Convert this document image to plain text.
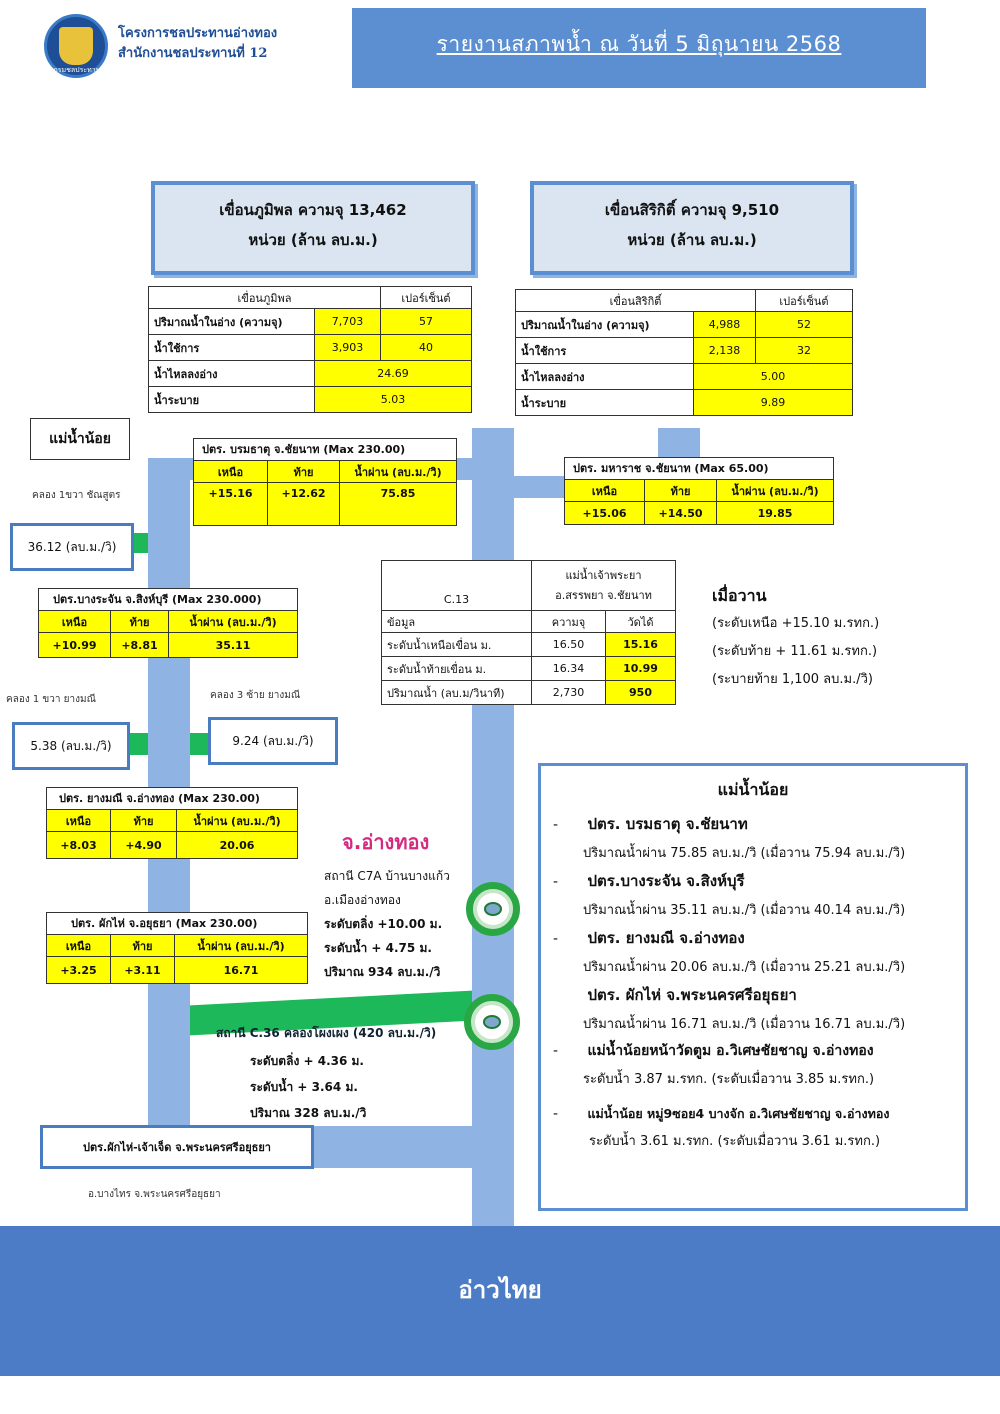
กรมชลประทาน
โครงการชลประทานอ่างทอง
สำนักงานชลประทานที่ 12	รายงานสภาพน้ำ ณ วันที่ 5 มิถุนายน 2568
เขื่อนภูมิพล ความจุ 13,462
หน่วย (ล้าน ลบ.ม.)
เขื่อนสิริกิติ์ ความจุ 9,510
หน่วย (ล้าน ลบ.ม.)
เขื่อนภูมิพล		เปอร์เซ็นต์
ปริมาณน้ำในอ่าง (ความจุ)	7,703	57
น้ำใช้การ	3,903	40
น้ำไหลลงอ่าง	24.69	
น้ำระบาย	5.03	
เขื่อนสิริกิติ์		เปอร์เซ็นต์
ปริมาณน้ำในอ่าง (ความจุ)	4,988	52
น้ำใช้การ	2,138	32
น้ำไหลลงอ่าง	5.00	
น้ำระบาย	9.89	
แม่น้ำน้อย
คลอง 1ขวา ชัณสูตร
36.12 (ลบ.ม./วิ)
คลอง 1 ขวา ยางมณี	คลอง 3 ซ้าย ยางมณี
5.38 (ลบ.ม./วิ)	9.24 (ลบ.ม./วิ)
ปตร. บรมธาตุ จ.ชัยนาท (Max 230.00)
เหนือ	ท้าย	น้ำผ่าน (ลบ.ม./วิ)
+15.16	+12.62	75.85
ปตร. มหาราช จ.ชัยนาท (Max 65.00)
เหนือ	ท้าย	น้ำผ่าน (ลบ.ม./วิ)
+15.06	+14.50	19.85
ปตร.บางระจัน จ.สิงห์บุรี (Max 230.000)
เหนือ	ท้าย	น้ำผ่าน (ลบ.ม./วิ)
+10.99	+8.81	35.11
ปตร. ยางมณี จ.อ่างทอง (Max 230.00)
เหนือ	ท้าย	น้ำผ่าน (ลบ.ม./วิ)
+8.03	+4.90	20.06
ปตร. ผักไห่ จ.อยุธยา (Max 230.00)
เหนือ	ท้าย	น้ำผ่าน (ลบ.ม./วิ)
+3.25	+3.11	16.71
C.13	แม่น้ำเจ้าพระยา
อ.สรรพยา จ.ชัยนาท	

ข้อมูล	ความจุ	วัดได้
ระดับน้ำเหนือเขื่อน ม.	16.50	15.16
ระดับน้ำท้ายเขื่อน ม.	16.34	10.99
ปริมาณน้ำ (ลบ.ม/วินาที)	2,730	950
เมื่อวาน
(ระดับเหนือ +15.10 ม.รทก.)
(ระดับท้าย + 11.61 ม.รทก.)
(ระบายท้าย 1,100 ลบ.ม./วิ)
จ.อ่างทอง
สถานี C7A บ้านบางแก้ว
อ.เมืองอ่างทอง
ระดับตลิ่ง +10.00 ม.
ระดับน้ำ + 4.75 ม.
ปริมาณ 934 ลบ.ม./วิ
สถานี C.36 คลองโผงเผง (420 ลบ.ม./วิ)
ระดับตลิ่ง + 4.36 ม.
ระดับน้ำ + 3.64 ม.
ปริมาณ 328 ลบ.ม./วิ
ปตร.ผักไห่-เจ้าเจ็ด จ.พระนครศรีอยุธยา
อ.บางไทร จ.พระนครศรีอยุธยา
แม่น้ำน้อย
- ปตร. บรมธาตุ จ.ชัยนาท
ปริมาณน้ำผ่าน 75.85 ลบ.ม./วิ (เมื่อวาน 75.94 ลบ.ม./วิ)
- ปตร.บางระจัน จ.สิงห์บุรี
ปริมาณน้ำผ่าน 35.11 ลบ.ม./วิ (เมื่อวาน 40.14 ลบ.ม./วิ)
- ปตร. ยางมณี จ.อ่างทอง
ปริมาณน้ำผ่าน 20.06 ลบ.ม./วิ (เมื่อวาน 25.21 ลบ.ม./วิ)
ปตร. ผักไห่ จ.พระนครศรีอยุธยา
ปริมาณน้ำผ่าน 16.71 ลบ.ม./วิ (เมื่อวาน 16.71 ลบ.ม./วิ)
- แม่น้ำน้อยหน้าวัดตูม อ.วิเศษชัยชาญ จ.อ่างทอง
ระดับน้ำ 3.87 ม.รทก. (ระดับเมื่อวาน 3.85 ม.รทก.)
- แม่น้ำน้อย หมู่9ซอย4 บางจัก อ.วิเศษชัยชาญ จ.อ่างทอง
ระดับน้ำ 3.61 ม.รทก. (ระดับเมื่อวาน 3.61 ม.รทก.)
อ่าวไทย
